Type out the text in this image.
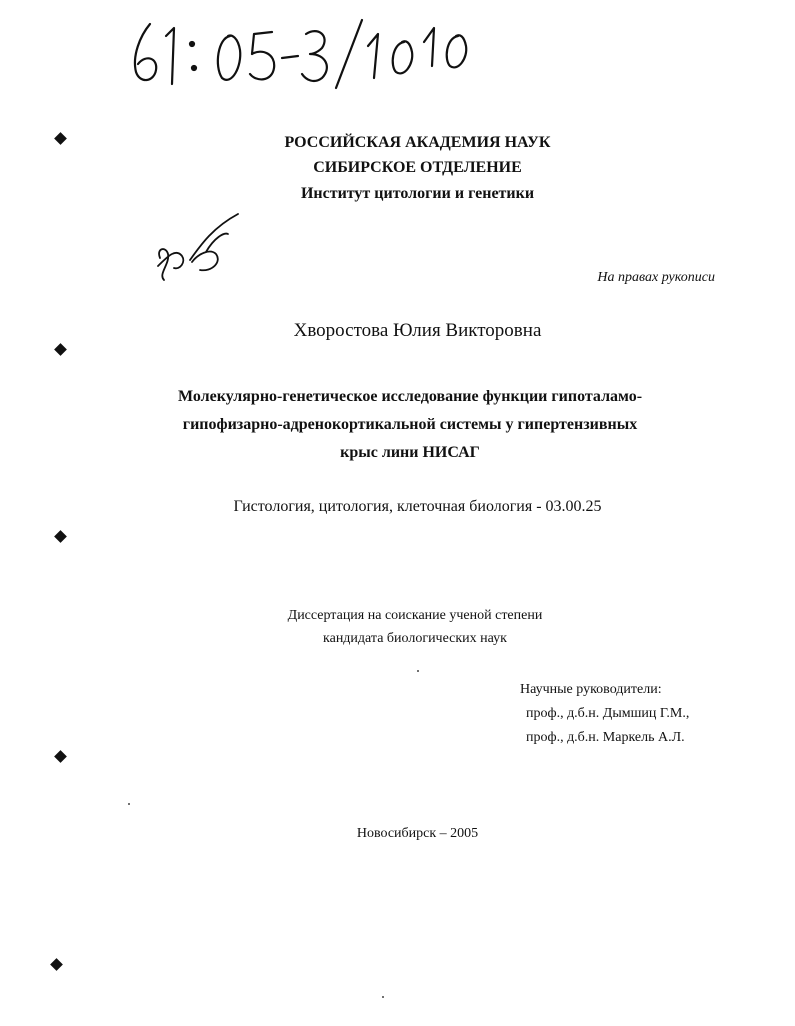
РОССИЙСКАЯ АКАДЕМИЯ НАУК
СИБИРСКОЕ ОТДЕЛЕНИЕ
Институт цитологии и генетики
На правах рукописи
Хворостова Юлия Викторовна
Молекулярно-генетическое исследование функции гипоталамо-
гипофизарно-адренокортикальной системы у гипертензивных
крыс лини НИСАГ
Гистология, цитология, клеточная биология - 03.00.25
Диссертация на соискание ученой степени
кандидата биологических наук
Научные руководители:
проф., д.б.н. Дымшиц Г.М.,
проф., д.б.н. Маркель А.Л.
Новосибирск – 2005
